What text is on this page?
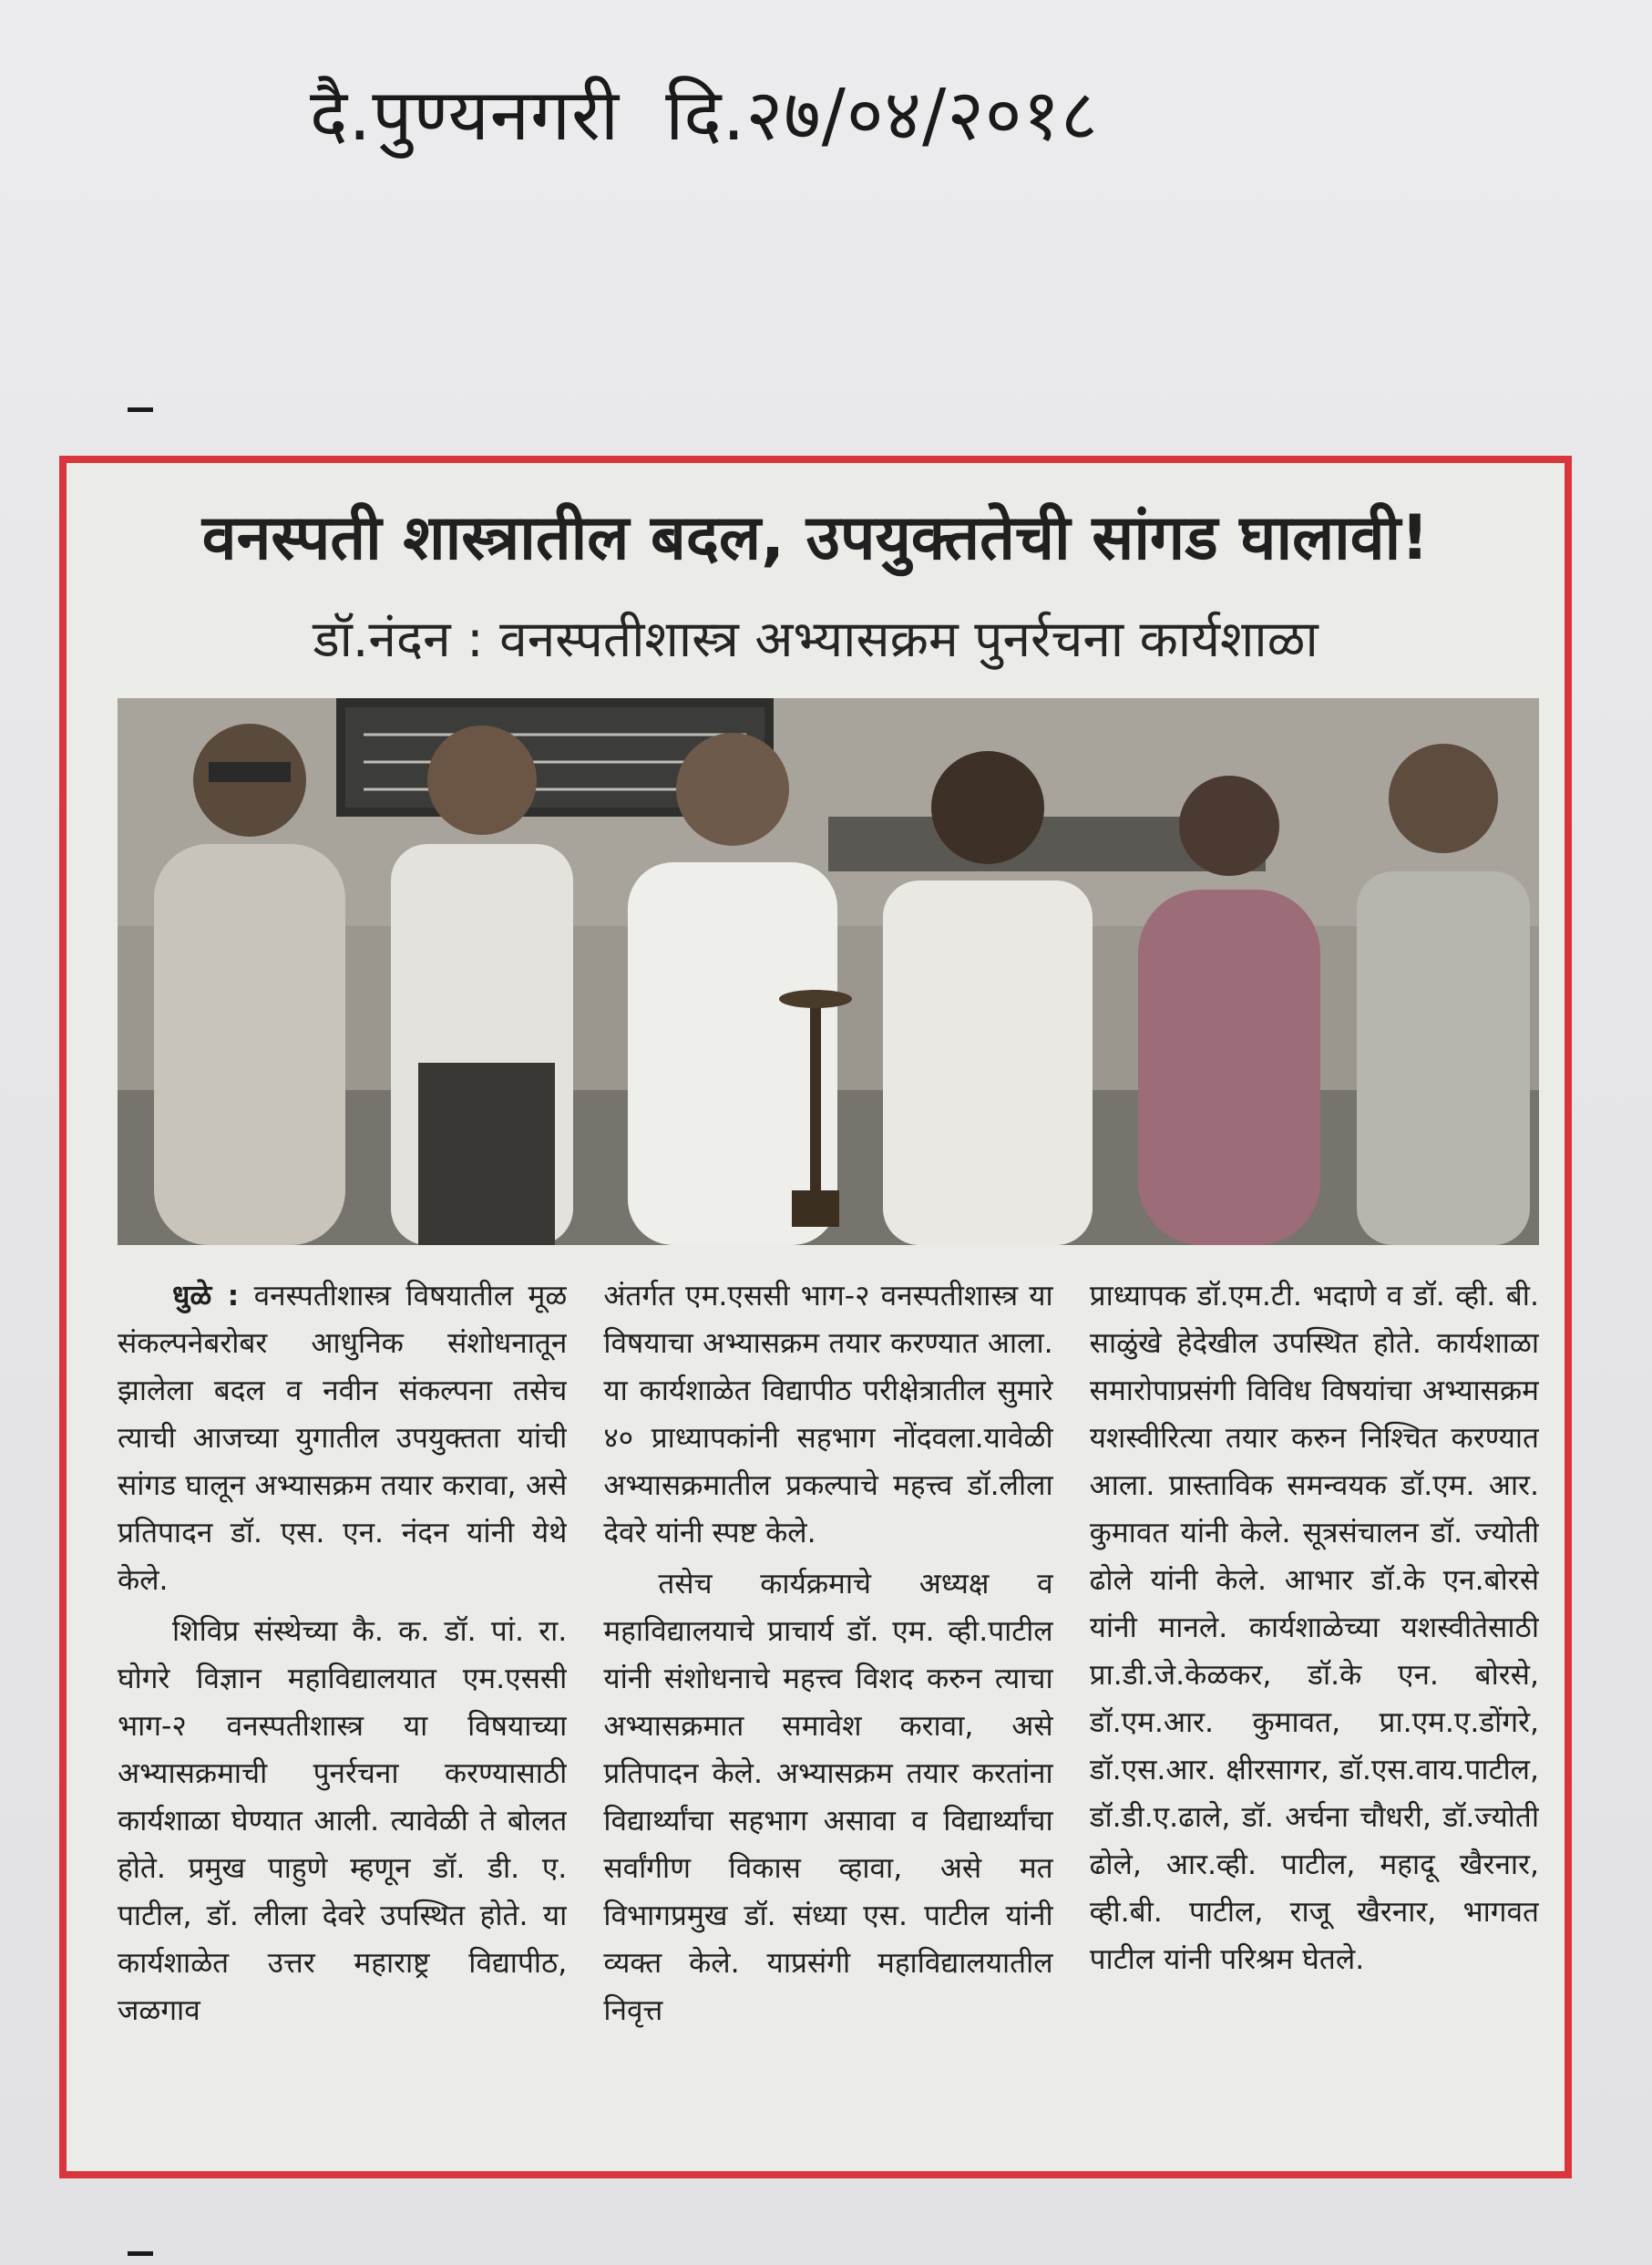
दै.पुण्यनगरी दि.२७/०४/२०१८
वनस्पती शास्त्रातील बदल, उपयुक्ततेची सांगड घालावी!
डॉ.नंदन : वनस्पतीशास्त्र अभ्यासक्रम पुनर्रचना कार्यशाळा

धुळे : वनस्पतीशास्त्र विषयातील मूळ संकल्पनेबरोबर आधुनिक संशोधनातून झालेला बदल व नवीन संकल्पना तसेच त्याची आजच्या युगातील उपयुक्तता यांची सांगड घालून अभ्यासक्रम तयार करावा, असे प्रतिपादन डॉ. एस. एन. नंदन यांनी येथे केले.

शिविप्र संस्थेच्या कै. क. डॉ. पां. रा. घोगरे विज्ञान महाविद्यालयात एम.एससी भाग-२ वनस्पतीशास्त्र या विषयाच्या अभ्यासक्रमाची पुनर्रचना करण्यासाठी कार्यशाळा घेण्यात आली. त्यावेळी ते बोलत होते. प्रमुख पाहुणे म्हणून डॉ. डी. ए. पाटील, डॉ. लीला देवरे उपस्थित होते. या कार्यशाळेत उत्तर महाराष्ट्र विद्यापीठ, जळगाव

अंतर्गत एम.एससी भाग-२ वनस्पतीशास्त्र या विषयाचा अभ्यासक्रम तयार करण्यात आला. या कार्यशाळेत विद्यापीठ परीक्षेत्रातील सुमारे ४० प्राध्यापकांनी सहभाग नोंदवला.यावेळी अभ्यासक्रमातील प्रकल्पाचे महत्त्व डॉ.लीला देवरे यांनी स्पष्ट केले.

तसेच कार्यक्रमाचे अध्यक्ष व महाविद्यालयाचे प्राचार्य डॉ. एम. व्ही.पाटील यांनी संशोधनाचे महत्त्व विशद करुन त्याचा अभ्यासक्रमात समावेश करावा, असे प्रतिपादन केले. अभ्यासक्रम तयार करतांना विद्यार्थ्यांचा सहभाग असावा व विद्यार्थ्यांचा सर्वांगीण विकास व्हावा, असे मत विभागप्रमुख डॉ. संध्या एस. पाटील यांनी व्यक्त केले. याप्रसंगी महाविद्यालयातील निवृत्त

प्राध्यापक डॉ.एम.टी. भदाणे व डॉ. व्ही. बी. साळुंखे हेदेखील उपस्थित होते. कार्यशाळा समारोपाप्रसंगी विविध विषयांचा अभ्यासक्रम यशस्वीरित्या तयार करुन निश्चित करण्यात आला. प्रास्ताविक समन्वयक डॉ.एम. आर. कुमावत यांनी केले. सूत्रसंचालन डॉ. ज्योती ढोले यांनी केले. आभार डॉ.के एन.बोरसे यांनी मानले. कार्यशाळेच्या यशस्वीतेसाठी प्रा.डी.जे.केळकर, डॉ.के एन. बोरसे, डॉ.एम.आर. कुमावत, प्रा.एम.ए.डोंगरे, डॉ.एस.आर. क्षीरसागर, डॉ.एस.वाय.पाटील, डॉ.डी.ए.ढाले, डॉ. अर्चना चौधरी, डॉ.ज्योती ढोले, आर.व्ही. पाटील, महादू खैरनार, व्ही.बी. पाटील, राजू खैरनार, भागवत पाटील यांनी परिश्रम घेतले.
